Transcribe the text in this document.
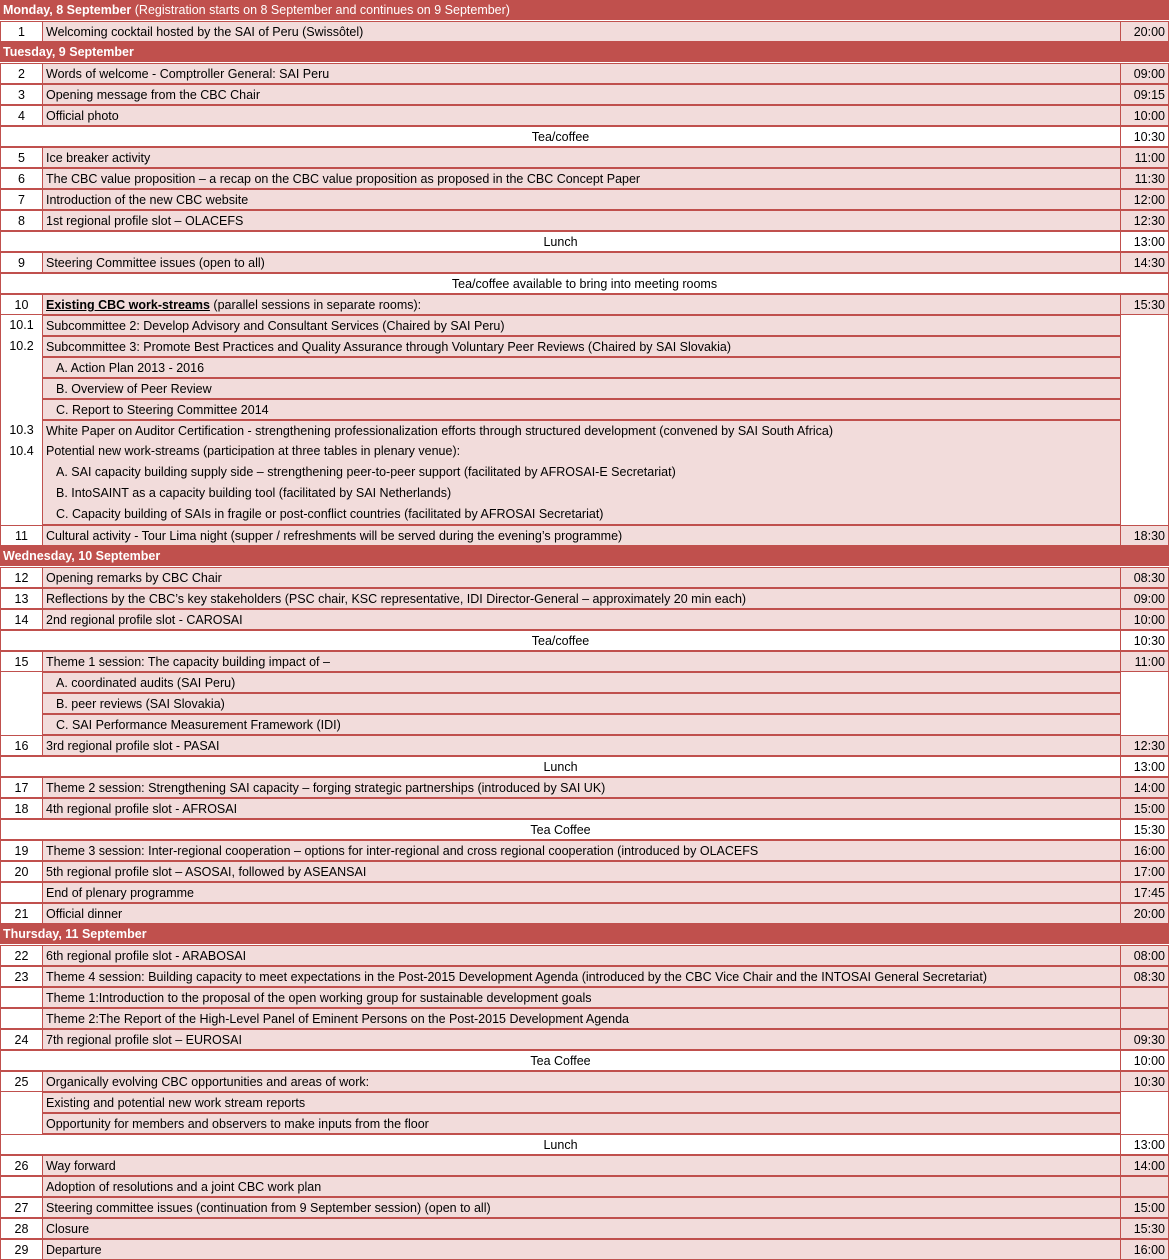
Monday, 8 September (Registration starts on 8 September and continues on 9 September)
1	Welcoming cocktail hosted by the SAI of Peru (Swissôtel)	20:00
Tuesday, 9 September
2	Words of welcome - Comptroller General: SAI Peru	09:00
3	Opening message from the CBC Chair	09:15
4	Official photo	10:00
Tea/coffee	10:30
5	Ice breaker activity	11:00
6	The CBC value proposition – a recap on the CBC value proposition as proposed in the CBC Concept Paper	11:30
7	Introduction of the new CBC website	12:00
8	1st regional profile slot – OLACEFS	12:30
Lunch	13:00
9	Steering Committee issues (open to all)	14:30
Tea/coffee available to bring into meeting rooms
10	Existing CBC work-streams (parallel sessions in separate rooms):	15:30
10.1 Subcommittee 2: Develop Advisory and Consultant Services (Chaired by SAI Peru)
10.2 Subcommittee 3: Promote Best Practices and Quality Assurance through Voluntary Peer Reviews (Chaired by SAI Slovakia)
A. Action Plan 2013 - 2016
B. Overview of Peer Review
C. Report to Steering Committee 2014
10.3 White Paper on Auditor Certification - strengthening professionalization efforts through structured development (convened by SAI South Africa)
10.4 Potential new work-streams (participation at three tables in plenary venue):
A. SAI capacity building supply side – strengthening peer-to-peer support (facilitated by AFROSAI-E Secretariat)
B. IntoSAINT as a capacity building tool (facilitated by SAI Netherlands)
C. Capacity building of SAIs in fragile or post-conflict countries (facilitated by AFROSAI Secretariat)
11	Cultural activity - Tour Lima night (supper / refreshments will be served during the evening’s programme)	18:30
Wednesday, 10 September
12	Opening remarks by CBC Chair	08:30
13	Reflections by the CBC’s key stakeholders (PSC chair, KSC representative, IDI Director-General – approximately 20 min each)	09:00
14	2nd regional profile slot - CAROSAI	10:00
Tea/coffee	10:30
15	Theme 1 session: The capacity building impact of –	11:00
A. coordinated audits (SAI Peru)
B. peer reviews (SAI Slovakia)
C. SAI Performance Measurement Framework (IDI)
16	3rd regional profile slot - PASAI	12:30
Lunch	13:00
17	Theme 2 session: Strengthening SAI capacity – forging strategic partnerships (introduced by SAI UK)	14:00
18	4th regional profile slot - AFROSAI	15:00
Tea Coffee	15:30
19	Theme 3 session: Inter-regional cooperation – options for inter-regional and cross regional cooperation (introduced by OLACEFS	16:00
20	5th regional profile slot – ASOSAI, followed by ASEANSAI	17:00
End of plenary programme	17:45
21	Official dinner	20:00
Thursday, 11 September
22	6th regional profile slot - ARABOSAI	08:00
23	Theme 4 session: Building capacity to meet expectations in the Post-2015 Development Agenda (introduced by the CBC Vice Chair and the INTOSAI General Secretariat)	08:30
Theme 1:Introduction to the proposal of the open working group for sustainable development goals
Theme 2:The Report of the High-Level Panel of Eminent Persons on the Post-2015 Development Agenda
24	7th regional profile slot – EUROSAI	09:30
Tea Coffee	10:00
25	Organically evolving CBC opportunities and areas of work:	10:30
Existing and potential new work stream reports
Opportunity for members and observers to make inputs from the floor
Lunch	13:00
26	Way forward	14:00
Adoption of resolutions and a joint CBC work plan
27	Steering committee issues (continuation from 9 September session) (open to all)	15:00
28	Closure	15:30
29	Departure	16:00
